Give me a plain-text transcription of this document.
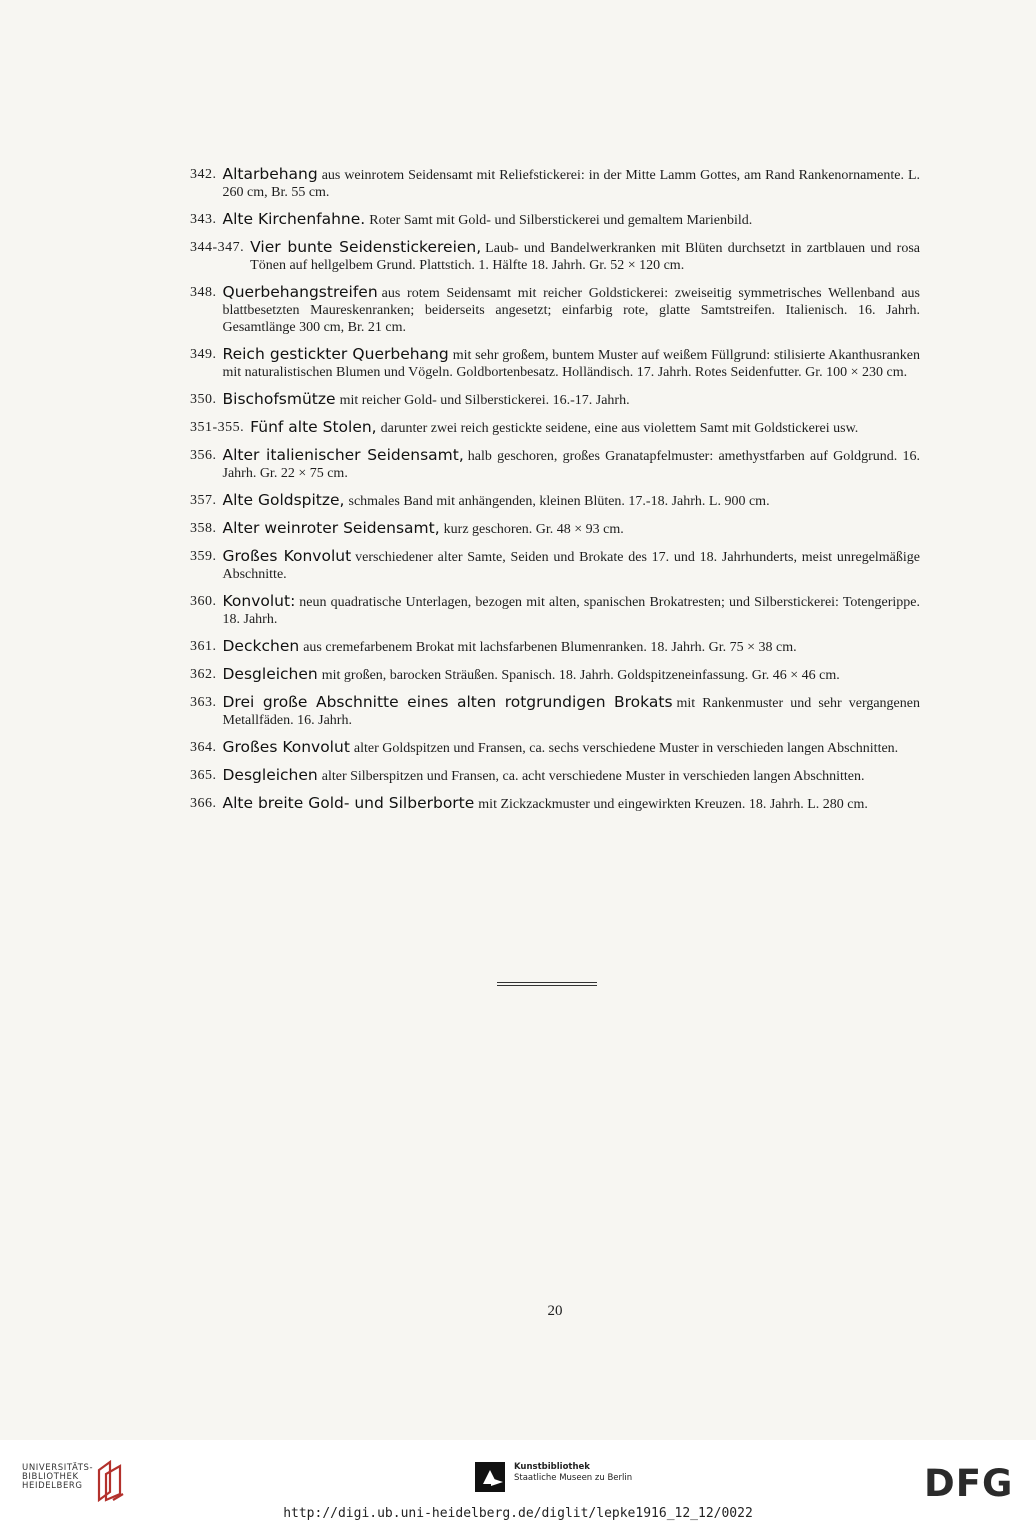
342. Altarbehang aus weinrotem Seidensamt mit Reliefstickerei: in der Mitte Lamm Gottes, am Rand Rankenornamente. L. 260 cm, Br. 55 cm.
343. Alte Kirchenfahne. Roter Samt mit Gold- und Silberstickerei und gemaltem Marienbild.
344-347. Vier bunte Seidenstickereien, Laub- und Bandelwerkranken mit Blüten durchsetzt in zartblauen und rosa Tönen auf hellgelbem Grund. Plattstich. 1. Hälfte 18. Jahrh. Gr. 52 × 120 cm.
348. Querbehangstreifen aus rotem Seidensamt mit reicher Goldstickerei: zweiseitig symmetrisches Wellenband aus blattbesetzten Maureskenranken; beiderseits angesetzt; einfarbig rote, glatte Samtstreifen. Italienisch. 16. Jahrh. Gesamtlänge 300 cm, Br. 21 cm.
349. Reich gestickter Querbehang mit sehr großem, buntem Muster auf weißem Füllgrund: stilisierte Akanthusranken mit naturalistischen Blumen und Vögeln. Goldbortenbesatz. Holländisch. 17. Jahrh. Rotes Seidenfutter. Gr. 100 × 230 cm.
350. Bischofsmütze mit reicher Gold- und Silberstickerei. 16.-17. Jahrh.
351-355. Fünf alte Stolen, darunter zwei reich gestickte seidene, eine aus violettem Samt mit Goldstickerei usw.
356. Alter italienischer Seidensamt, halb geschoren, großes Granatapfelmuster: amethystfarben auf Goldgrund. 16. Jahrh. Gr. 22 × 75 cm.
357. Alte Goldspitze, schmales Band mit anhängenden, kleinen Blüten. 17.-18. Jahrh. L. 900 cm.
358. Alter weinroter Seidensamt, kurz geschoren. Gr. 48 × 93 cm.
359. Großes Konvolut verschiedener alter Samte, Seiden und Brokate des 17. und 18. Jahrhunderts, meist unregelmäßige Abschnitte.
360. Konvolut: neun quadratische Unterlagen, bezogen mit alten, spanischen Brokatresten; und Silberstickerei: Totengerippe. 18. Jahrh.
361. Deckchen aus cremefarbenem Brokat mit lachsfarbenen Blumenranken. 18. Jahrh. Gr. 75 × 38 cm.
362. Desgleichen mit großen, barocken Sträußen. Spanisch. 18. Jahrh. Goldspitzeneinfassung. Gr. 46 × 46 cm.
363. Drei große Abschnitte eines alten rotgrundigen Brokats mit Rankenmuster und sehr vergangenen Metallfäden. 16. Jahrh.
364. Großes Konvolut alter Goldspitzen und Fransen, ca. sechs verschiedene Muster in verschieden langen Abschnitten.
365. Desgleichen alter Silberspitzen und Fransen, ca. acht verschiedene Muster in verschieden langen Abschnitten.
366. Alte breite Gold- und Silberborte mit Zickzackmuster und eingewirkten Kreuzen. 18. Jahrh. L. 280 cm.
20
UNIVERSITÄTS-
BIBLIOTHEK
HEIDELBERG
Kunstbibliothek
Staatliche Museen zu Berlin	DFG
http://digi.ub.uni-heidelberg.de/diglit/lepke1916_12_12/0022
